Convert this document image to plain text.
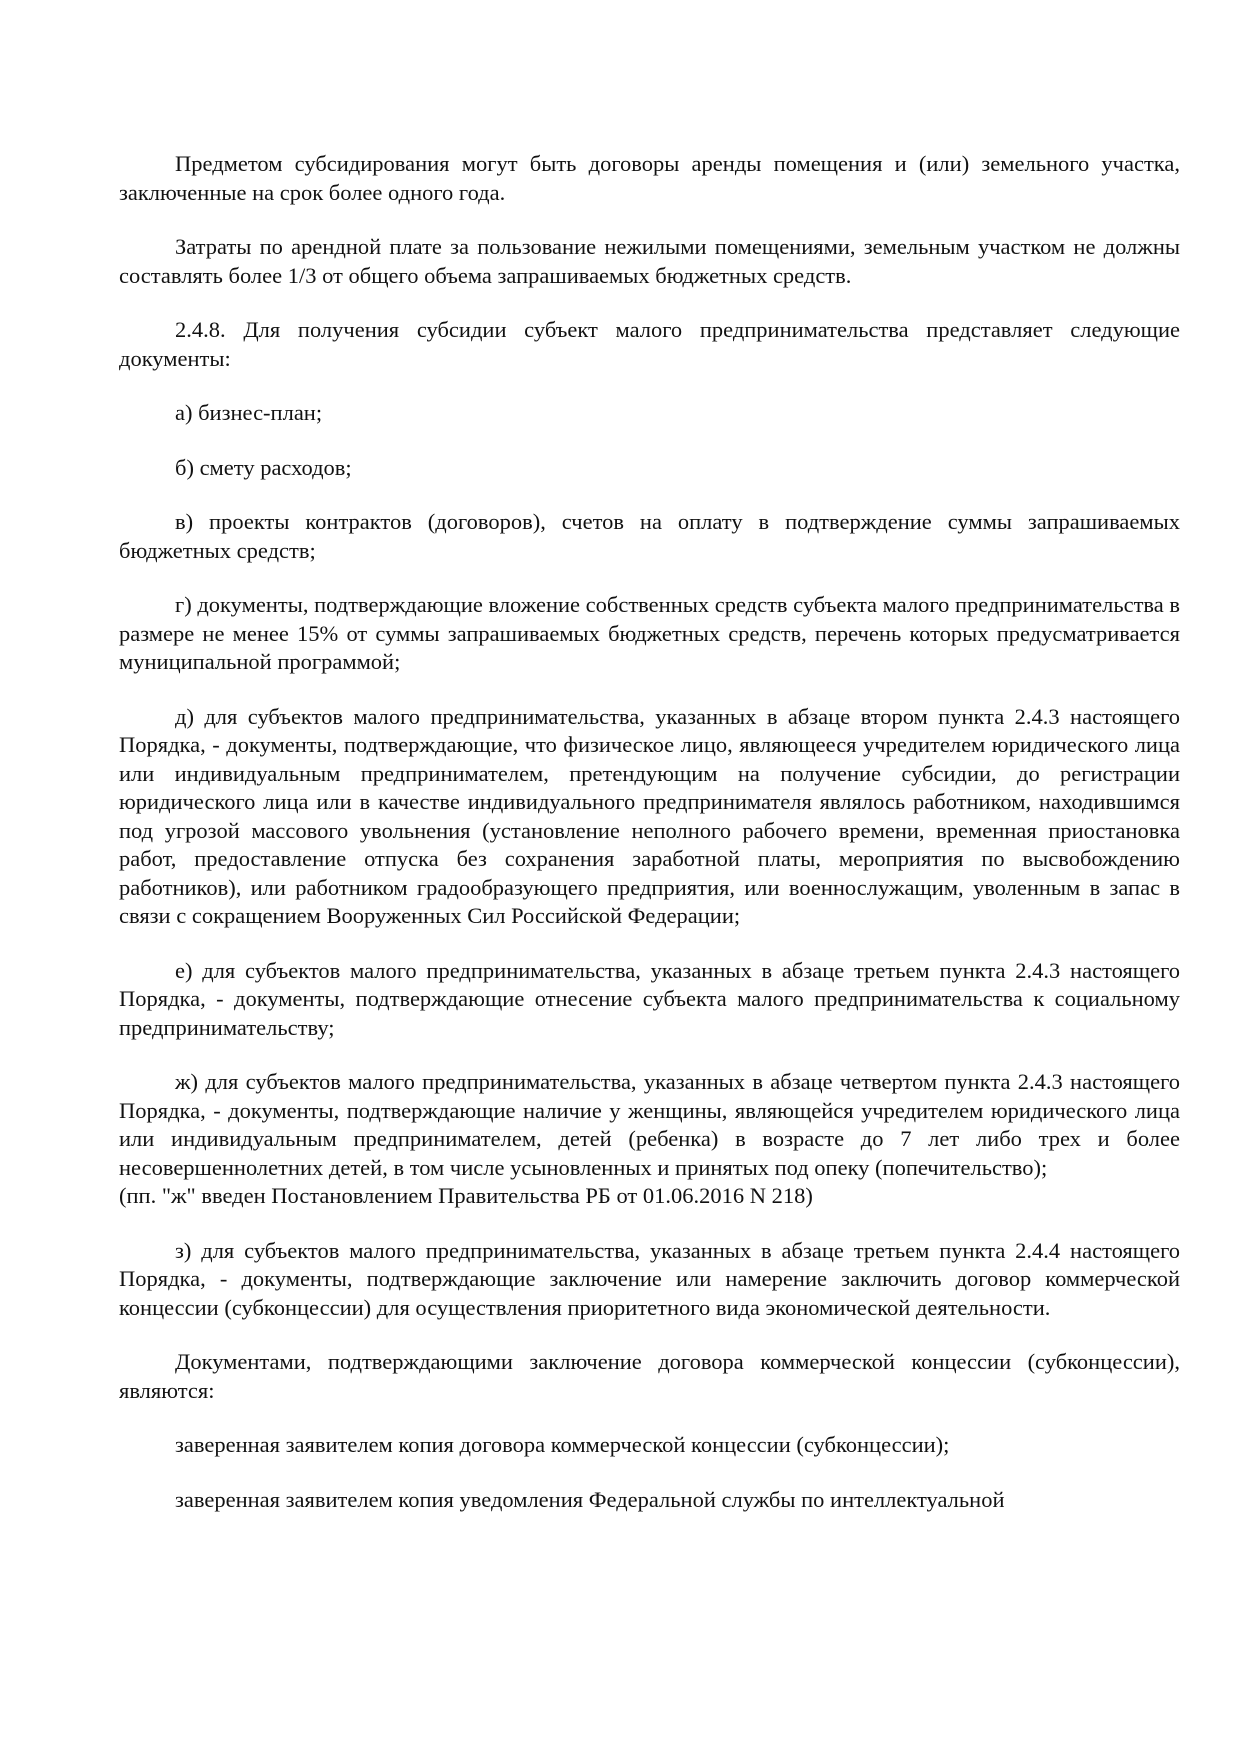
Предметом субсидирования могут быть договоры аренды помещения и (или) земельного участка, заключенные на срок более одного года.

Затраты по арендной плате за пользование нежилыми помещениями, земельным участком не должны составлять более 1/3 от общего объема запрашиваемых бюджетных средств.

2.4.8. Для получения субсидии субъект малого предпринимательства представляет следующие документы:

а) бизнес-план;

б) смету расходов;

в) проекты контрактов (договоров), счетов на оплату в подтверждение суммы запрашиваемых бюджетных средств;

г) документы, подтверждающие вложение собственных средств субъекта малого предпринимательства в размере не менее 15% от суммы запрашиваемых бюджетных средств, перечень которых предусматривается муниципальной программой;

д) для субъектов малого предпринимательства, указанных в абзаце втором пункта 2.4.3 настоящего Порядка, - документы, подтверждающие, что физическое лицо, являющееся учредителем юридического лица или индивидуальным предпринимателем, претендующим на получение субсидии, до регистрации юридического лица или в качестве индивидуального предпринимателя являлось работником, находившимся под угрозой массового увольнения (установление неполного рабочего времени, временная приостановка работ, предоставление отпуска без сохранения заработной платы, мероприятия по высвобождению работников), или работником градообразующего предприятия, или военнослужащим, уволенным в запас в связи с сокращением Вооруженных Сил Российской Федерации;

е) для субъектов малого предпринимательства, указанных в абзаце третьем пункта 2.4.3 настоящего Порядка, - документы, подтверждающие отнесение субъекта малого предпринимательства к социальному предпринимательству;

ж) для субъектов малого предпринимательства, указанных в абзаце четвертом пункта 2.4.3 настоящего Порядка, - документы, подтверждающие наличие у женщины, являющейся учредителем юридического лица или индивидуальным предпринимателем, детей (ребенка) в возрасте до 7 лет либо трех и более несовершеннолетних детей, в том числе усыновленных и принятых под опеку (попечительство);

(пп. "ж" введен Постановлением Правительства РБ от 01.06.2016 N 218)

з) для субъектов малого предпринимательства, указанных в абзаце третьем пункта 2.4.4 настоящего Порядка, - документы, подтверждающие заключение или намерение заключить договор коммерческой концессии (субконцессии) для осуществления приоритетного вида экономической деятельности.

Документами, подтверждающими заключение договора коммерческой концессии (субконцессии), являются:

заверенная заявителем копия договора коммерческой концессии (субконцессии);

заверенная заявителем копия уведомления Федеральной службы по интеллектуальной
